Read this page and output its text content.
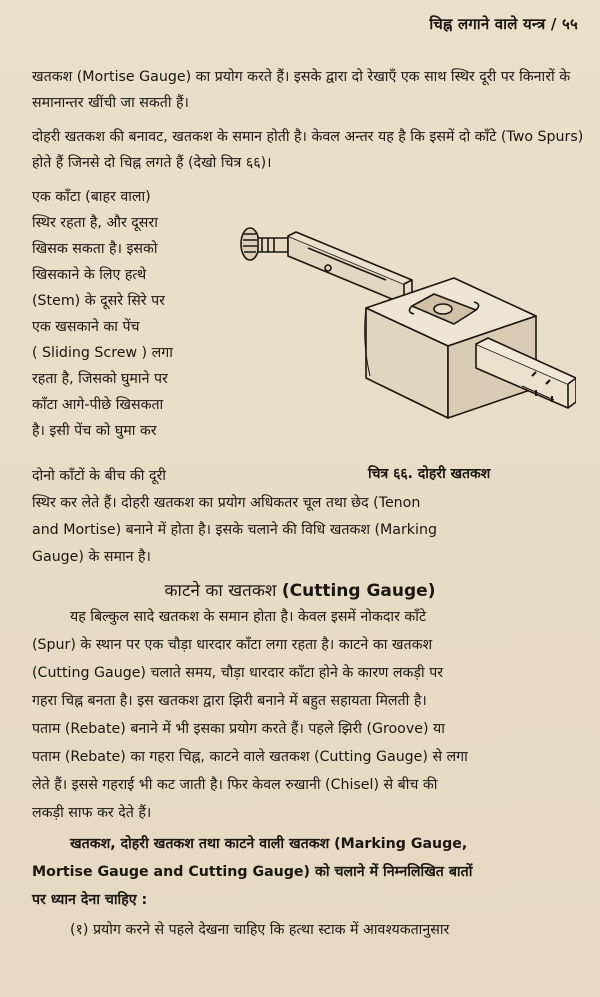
चिह्न लगाने वाले यन्त्र / ५५

खतकश (Mortise Gauge) का प्रयोग करते हैं। इसके द्वारा दो रेखाएँ एक साथ स्थिर दूरी पर किनारों के समानान्तर खींची जा सकती हैं।

दोहरी खतकश की बनावट, खतकश के समान होती है। केवल अन्तर यह है कि इसमें दो काँटे (Two Spurs) होते हैं जिनसे दो चिह्न लगते हैं (देखो चित्र ६६)।

एक काँटा (बाहर वाला)
स्थिर रहता है, और दूसरा
खिसक सकता है। इसको
खिसकाने के लिए हत्थे
(Stem) के दूसरे सिरे पर
एक खसकाने का पेंच
( Sliding Screw ) लगा
रहता है, जिसको घुमाने पर
काँटा आगे-पीछे खिसकता
है। इसी पेंच को घुमा कर
चित्र ६६. दोहरी खतकश
दोनो काँटों के बीच की दूरी
स्थिर कर लेते हैं। दोहरी खतकश का प्रयोग अधिकतर चूल तथा छेद (Tenon
and Mortise) बनाने में होता है। इसके चलाने की विधि खतकश (Marking
Gauge) के समान है।
काटने का खतकश (Cutting Gauge)
यह बिल्कुल सादे खतकश के समान होता है। केवल इसमें नोकदार काँटे
(Spur) के स्थान पर एक चौड़ा धारदार काँटा लगा रहता है। काटने का खतकश
(Cutting Gauge) चलाते समय, चौड़ा धारदार काँटा होने के कारण लकड़ी पर
गहरा चिह्न बनता है। इस खतकश द्वारा झिरी बनाने में बहुत सहायता मिलती है।
पताम (Rebate) बनाने में भी इसका प्रयोग करते हैं। पहले झिरी (Groove) या
पताम (Rebate) का गहरा चिह्न, काटने वाले खतकश (Cutting Gauge) से लगा
लेते हैं। इससे गहराई भी कट जाती है। फिर केवल रुखानी (Chisel) से बीच की
लकड़ी साफ कर देते हैं।
खतकश, दोहरी खतकश तथा काटने वाली खतकश (Marking Gauge,
Mortise Gauge and Cutting Gauge) को चलाने में निम्नलिखित बातों
पर ध्यान देना चाहिए :
(१) प्रयोग करने से पहले देखना चाहिए कि हत्था स्टाक में आवश्यकतानुसार
